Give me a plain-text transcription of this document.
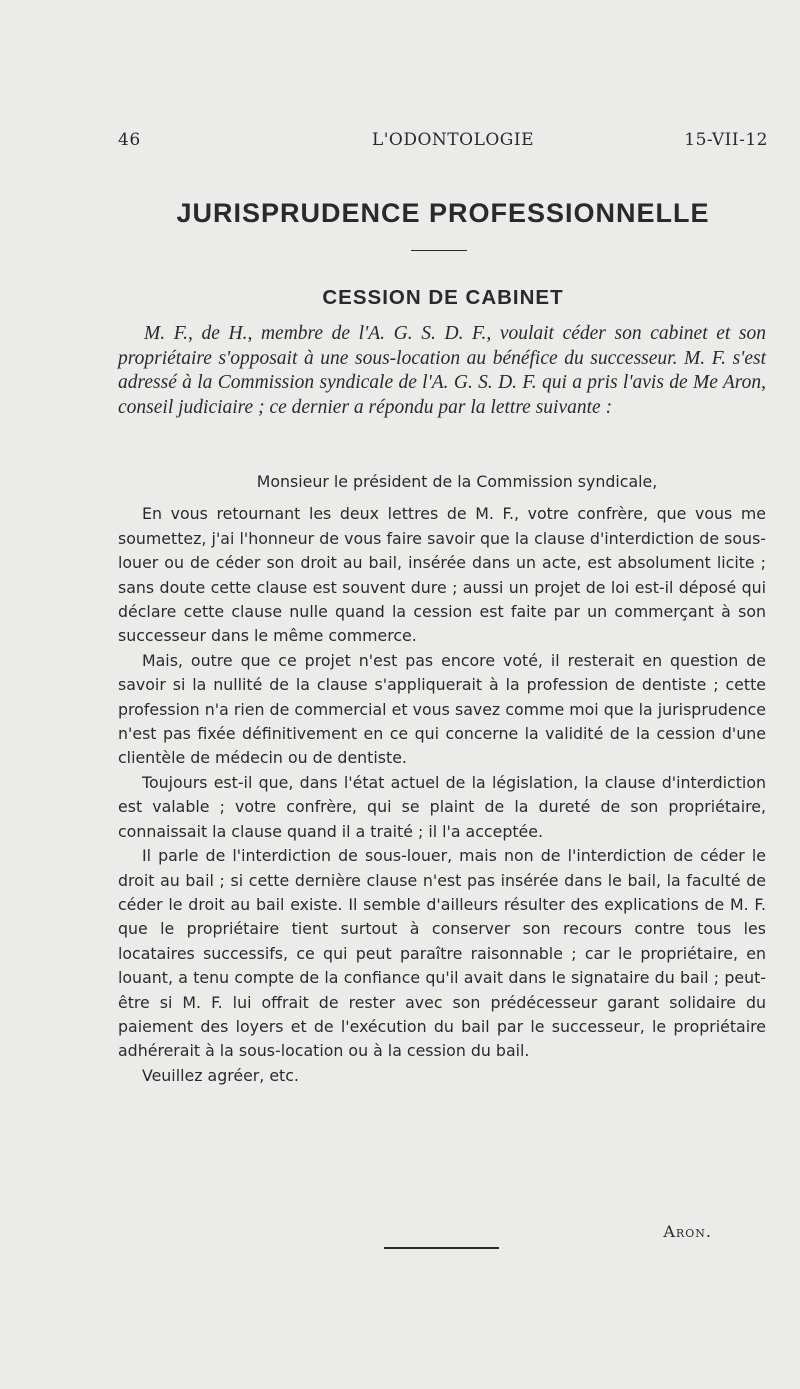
46	L'ODONTOLOGIE	15-VII-12
JURISPRUDENCE PROFESSIONNELLE
CESSION DE CABINET

M. F., de H., membre de l'A. G. S. D. F., voulait céder son cabinet et son propriétaire s'opposait à une sous-location au bénéfice du successeur. M. F. s'est adressé à la Commission syndicale de l'A. G. S. D. F. qui a pris l'avis de Me Aron, conseil judiciaire ; ce dernier a répondu par la lettre suivante :

Monsieur le président de la Commission syndicale,

En vous retournant les deux lettres de M. F., votre confrère, que vous me soumettez, j'ai l'honneur de vous faire savoir que la clause d'interdiction de sous-louer ou de céder son droit au bail, insérée dans un acte, est absolument licite ; sans doute cette clause est souvent dure ; aussi un projet de loi est-il déposé qui déclare cette clause nulle quand la cession est faite par un commerçant à son successeur dans le même commerce.

Mais, outre que ce projet n'est pas encore voté, il resterait en question de savoir si la nullité de la clause s'appliquerait à la profession de dentiste ; cette profession n'a rien de commercial et vous savez comme moi que la jurisprudence n'est pas fixée définitivement en ce qui concerne la validité de la cession d'une clientèle de médecin ou de dentiste.

Toujours est-il que, dans l'état actuel de la législation, la clause d'interdiction est valable ; votre confrère, qui se plaint de la dureté de son propriétaire, connaissait la clause quand il a traité ; il l'a acceptée.

Il parle de l'interdiction de sous-louer, mais non de l'interdiction de céder le droit au bail ; si cette dernière clause n'est pas insérée dans le bail, la faculté de céder le droit au bail existe. Il semble d'ailleurs résulter des explications de M. F. que le propriétaire tient surtout à conserver son recours contre tous les locataires successifs, ce qui peut paraître raisonnable ; car le propriétaire, en louant, a tenu compte de la confiance qu'il avait dans le signataire du bail ; peut-être si M. F. lui offrait de rester avec son prédécesseur garant solidaire du paiement des loyers et de l'exécution du bail par le successeur, le propriétaire adhérerait à la sous-location ou à la cession du bail.

Veuillez agréer, etc.

Aron.
